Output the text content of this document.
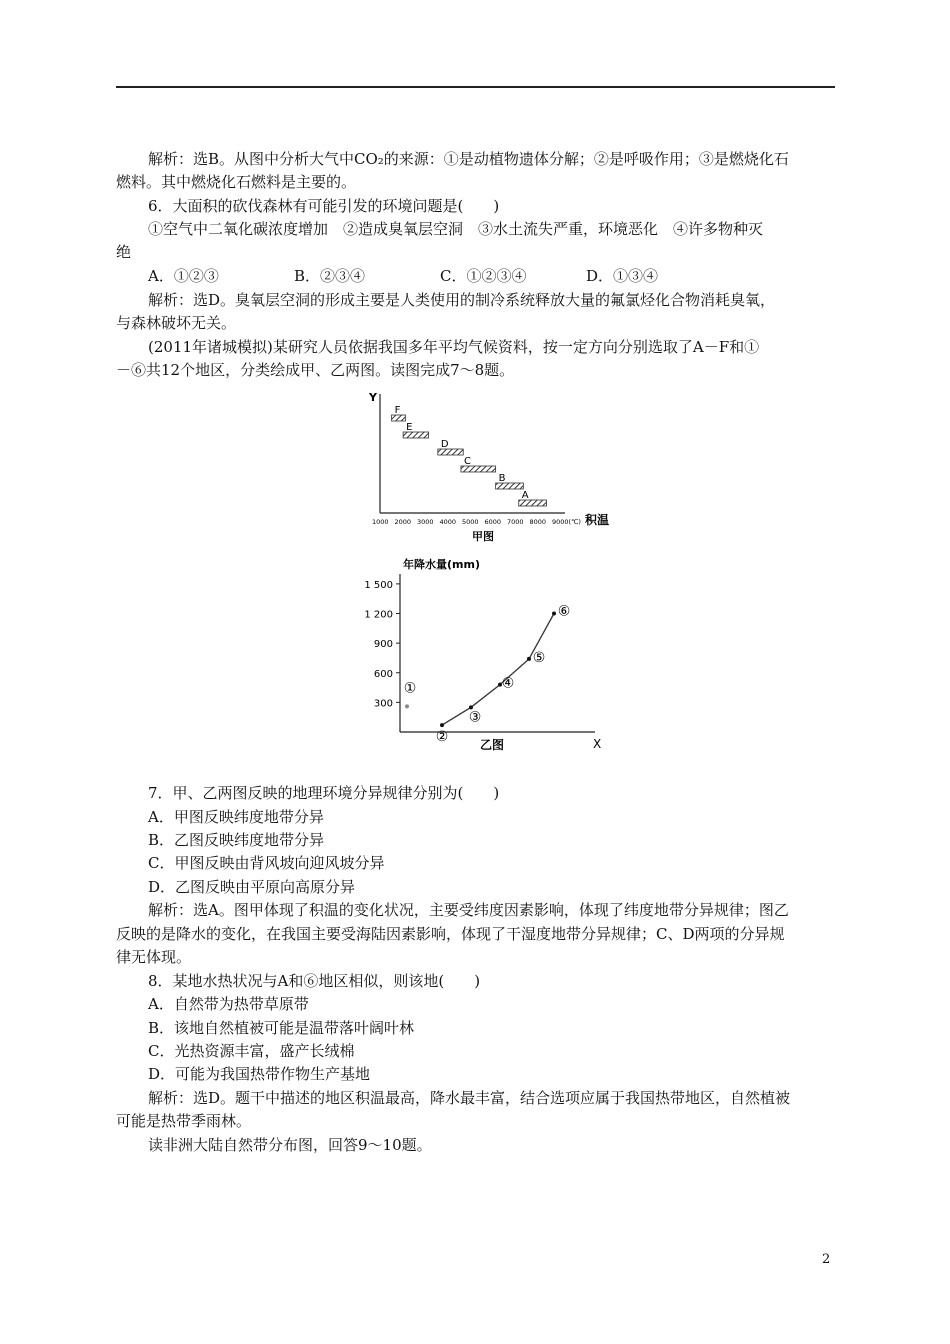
解析：选B。从图中分析大气中CO₂的来源：①是动植物遗体分解；②是呼吸作用；③是燃烧化石
燃料。其中燃烧化石燃料是主要的。
6．大面积的砍伐森林有可能引发的环境问题是(　　)
①空气中二氧化碳浓度增加　②造成臭氧层空洞　③水土流失严重，环境恶化　④许多物种灭
绝
A．①②③	B．②③④	C．①②③④	D．①③④
解析：选D。臭氧层空洞的形成主要是人类使用的制冷系统释放大量的氟氯烃化合物消耗臭氧，
与森林破坏无关。
(2011年诸城模拟)某研究人员依据我国多年平均气候资料，按一定方向分别选取了A－F和①
－⑥共12个地区，分类绘成甲、乙两图。读图完成7～8题。
Y
F
E
D
C
B
A
1000 2000 3000 4000 5000 6000 7000 8000 9000(℃) 积温
甲图
年降水量(mm)
X
乙图
300
600
900
1 200
1 500
①
②
③
④
⑤
⑥
7．甲、乙两图反映的地理环境分异规律分别为(　　)
A．甲图反映纬度地带分异
B．乙图反映纬度地带分异
C．甲图反映由背风坡向迎风坡分异
D．乙图反映由平原向高原分异
解析：选A。图甲体现了积温的变化状况，主要受纬度因素影响，体现了纬度地带分异规律；图乙
反映的是降水的变化，在我国主要受海陆因素影响，体现了干湿度地带分异规律；C、D两项的分异规
律无体现。
8．某地水热状况与A和⑥地区相似，则该地(　　)
A．自然带为热带草原带
B．该地自然植被可能是温带落叶阔叶林
C．光热资源丰富，盛产长绒棉
D．可能为我国热带作物生产基地
解析：选D。题干中描述的地区积温最高，降水最丰富，结合选项应属于我国热带地区，自然植被
可能是热带季雨林。
读非洲大陆自然带分布图，回答9～10题。
2
